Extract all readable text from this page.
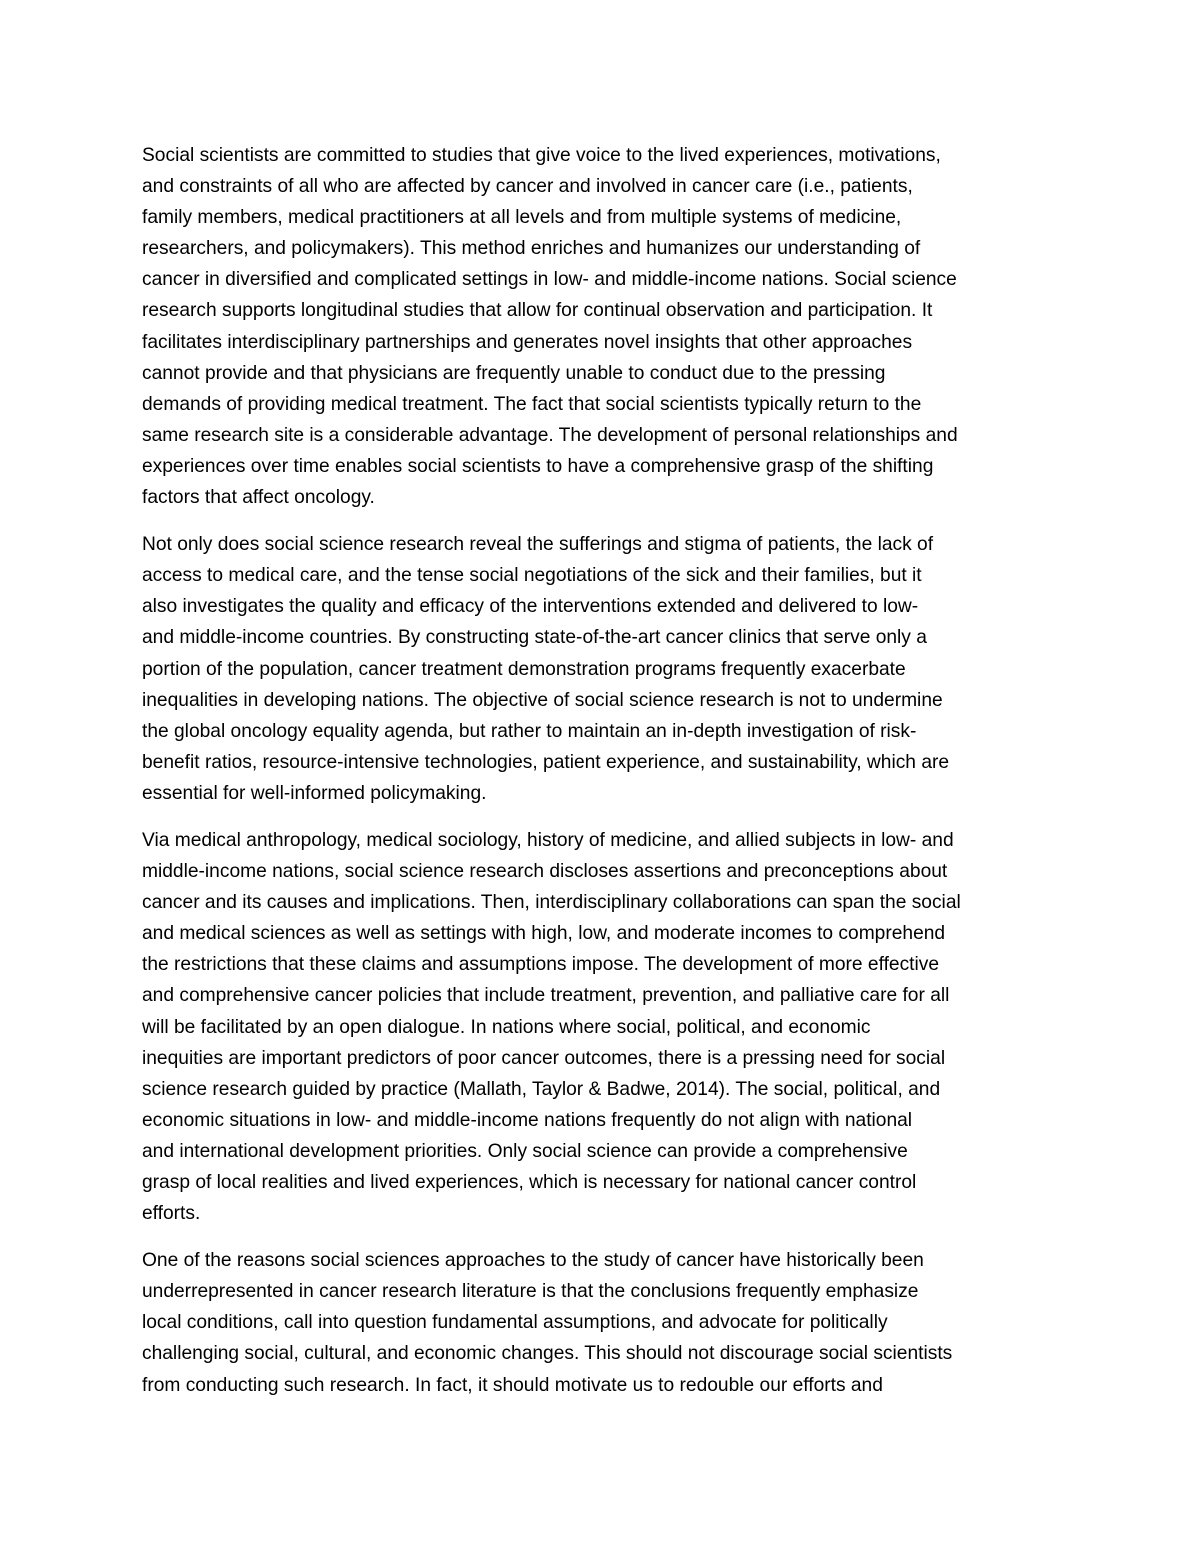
Social scientists are committed to studies that give voice to the lived experiences, motivations,
and constraints of all who are affected by cancer and involved in cancer care (i.e., patients,
family members, medical practitioners at all levels and from multiple systems of medicine,
researchers, and policymakers). This method enriches and humanizes our understanding of
cancer in diversified and complicated settings in low- and middle-income nations. Social science
research supports longitudinal studies that allow for continual observation and participation. It
facilitates interdisciplinary partnerships and generates novel insights that other approaches
cannot provide and that physicians are frequently unable to conduct due to the pressing
demands of providing medical treatment. The fact that social scientists typically return to the
same research site is a considerable advantage. The development of personal relationships and
experiences over time enables social scientists to have a comprehensive grasp of the shifting
factors that affect oncology.

Not only does social science research reveal the sufferings and stigma of patients, the lack of
access to medical care, and the tense social negotiations of the sick and their families, but it
also investigates the quality and efficacy of the interventions extended and delivered to low-
and middle-income countries. By constructing state-of-the-art cancer clinics that serve only a
portion of the population, cancer treatment demonstration programs frequently exacerbate
inequalities in developing nations. The objective of social science research is not to undermine
the global oncology equality agenda, but rather to maintain an in-depth investigation of risk-
benefit ratios, resource-intensive technologies, patient experience, and sustainability, which are
essential for well-informed policymaking.

Via medical anthropology, medical sociology, history of medicine, and allied subjects in low- and
middle-income nations, social science research discloses assertions and preconceptions about
cancer and its causes and implications. Then, interdisciplinary collaborations can span the social
and medical sciences as well as settings with high, low, and moderate incomes to comprehend
the restrictions that these claims and assumptions impose. The development of more effective
and comprehensive cancer policies that include treatment, prevention, and palliative care for all
will be facilitated by an open dialogue. In nations where social, political, and economic
inequities are important predictors of poor cancer outcomes, there is a pressing need for social
science research guided by practice (Mallath, Taylor & Badwe, 2014). The social, political, and
economic situations in low- and middle-income nations frequently do not align with national
and international development priorities. Only social science can provide a comprehensive
grasp of local realities and lived experiences, which is necessary for national cancer control
efforts.

One of the reasons social sciences approaches to the study of cancer have historically been
underrepresented in cancer research literature is that the conclusions frequently emphasize
local conditions, call into question fundamental assumptions, and advocate for politically
challenging social, cultural, and economic changes. This should not discourage social scientists
from conducting such research. In fact, it should motivate us to redouble our efforts and
